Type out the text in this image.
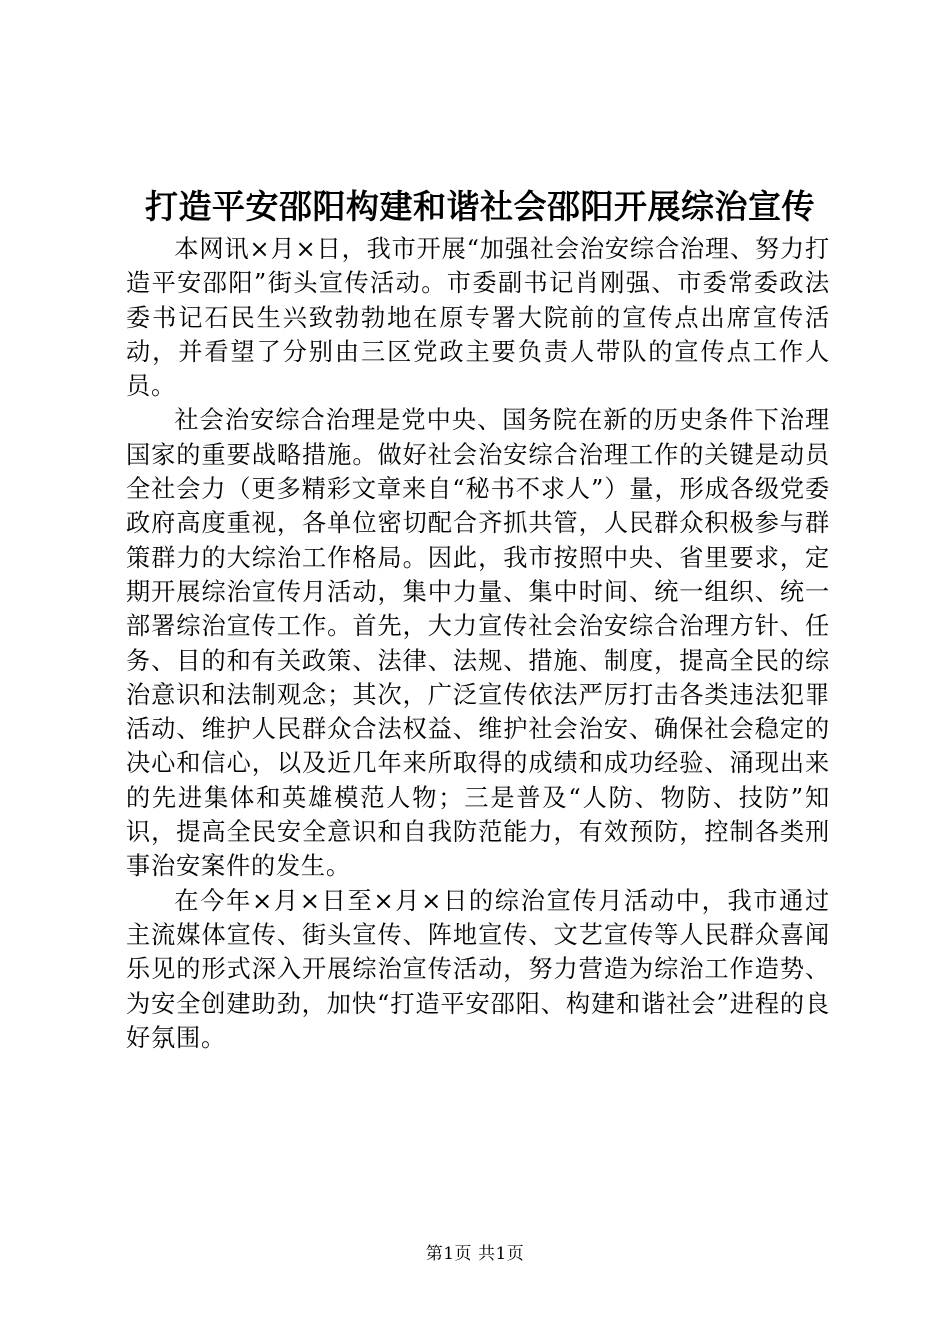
打造平安邵阳构建和谐社会邵阳开展综治宣传

本网讯×月×日，我市开展“加强社会治安综合治理、努力打造平安邵阳”街头宣传活动。市委副书记肖刚强、市委常委政法委书记石民生兴致勃勃地在原专署大院前的宣传点出席宣传活动，并看望了分别由三区党政主要负责人带队的宣传点工作人员。

社会治安综合治理是党中央、国务院在新的历史条件下治理国家的重要战略措施。做好社会治安综合治理工作的关键是动员全社会力（更多精彩文章来自“秘书不求人”）量，形成各级党委政府高度重视，各单位密切配合齐抓共管，人民群众积极参与群策群力的大综治工作格局。因此，我市按照中央、省里要求，定期开展综治宣传月活动，集中力量、集中时间、统一组织、统一部署综治宣传工作。首先，大力宣传社会治安综合治理方针、任务、目的和有关政策、法律、法规、措施、制度，提高全民的综治意识和法制观念；其次，广泛宣传依法严厉打击各类违法犯罪活动、维护人民群众合法权益、维护社会治安、确保社会稳定的决心和信心，以及近几年来所取得的成绩和成功经验、涌现出来的先进集体和英雄模范人物；三是普及“人防、物防、技防”知识，提高全民安全意识和自我防范能力，有效预防，控制各类刑事治安案件的发生。

在今年×月×日至×月×日的综治宣传月活动中，我市通过主流媒体宣传、街头宣传、阵地宣传、文艺宣传等人民群众喜闻乐见的形式深入开展综治宣传活动，努力营造为综治工作造势、为安全创建助劲，加快“打造平安邵阳、构建和谐社会”进程的良好氛围。

第1页 共1页
